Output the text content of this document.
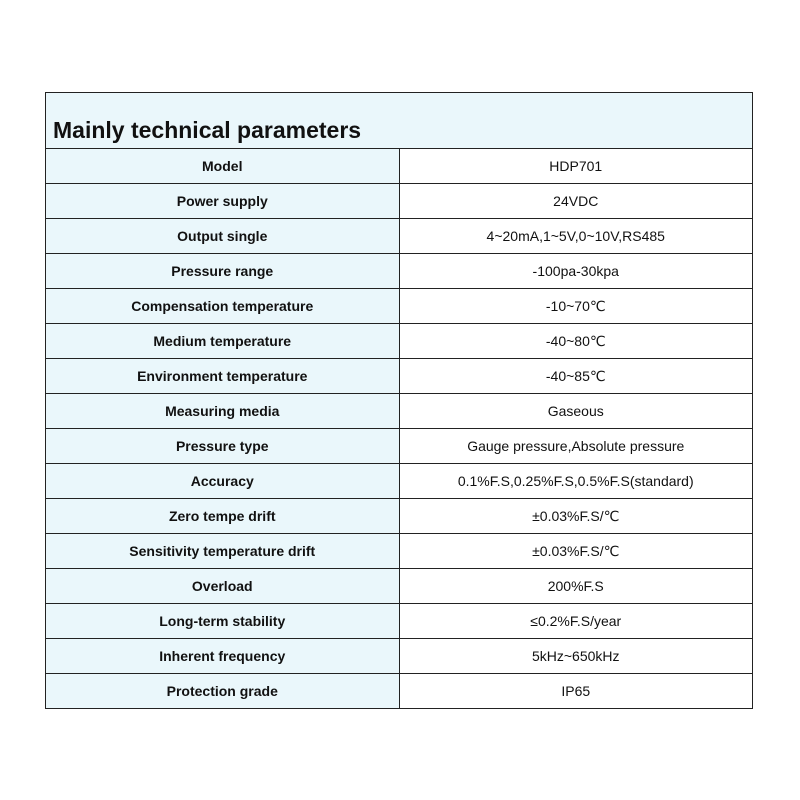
Mainly technical parameters	
Model	HDP701
Power supply	24VDC
Output single	4~20mA,1~5V,0~10V,RS485
Pressure range	-100pa-30kpa
Compensation temperature	-10~70℃
Medium temperature	-40~80℃
Environment temperature	-40~85℃
Measuring media	Gaseous
Pressure type	Gauge pressure,Absolute pressure
Accuracy	0.1%F.S,0.25%F.S,0.5%F.S(standard)
Zero tempe drift	±0.03%F.S/℃
Sensitivity temperature drift	±0.03%F.S/℃
Overload	200%F.S
Long-term stability	≤0.2%F.S/year
Inherent frequency	5kHz~650kHz
Protection grade	IP65
